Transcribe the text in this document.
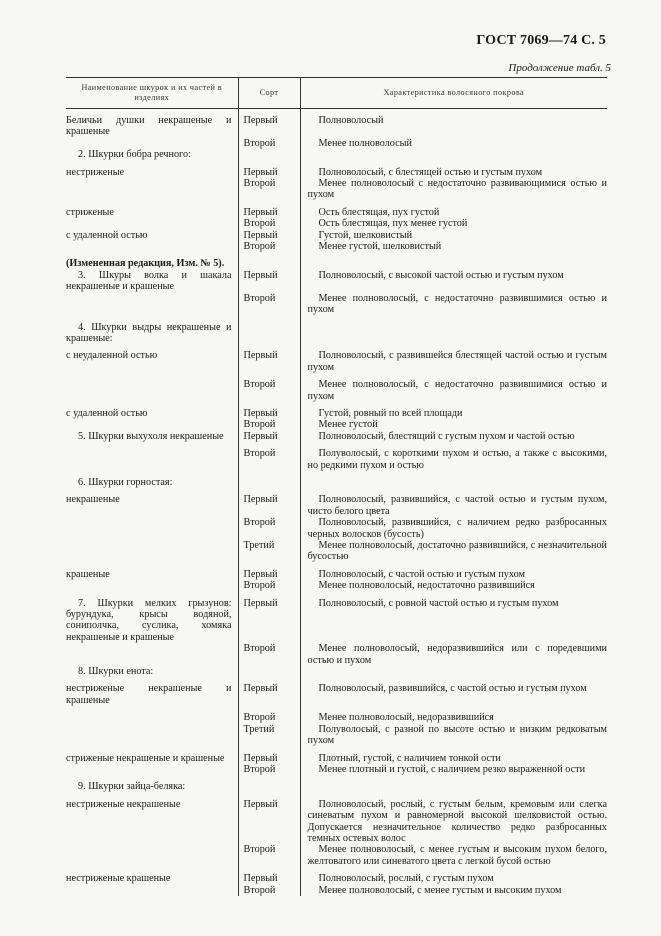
ГОСТ 7069—74 С. 5
Продолжение табл. 5
Наименование шкурок и их частей в изделиях	Сорт	Характеристика волосяного покрова
Беличьи душки некрашеные и крашеные	Первый	Полноволосый
	Второй	Менее полноволосый
2. Шкурки бобра речного:		
нестриженые	Первый	Полноволосый, с блестящей остью и густым пухом
	Второй	Менее полноволосый с недостаточно развивающимися остью и пухом
стриженые	Первый	Ость блестящая, пух густой
	Второй	Ость блестящая, пух менее густой
с удаленной остью	Первый	Густой, шелковистый
	Второй	Менее густой, шелковистый
(Измененная редакция, Изм. № 5).		
3. Шкуры волка и шакала некрашеные и крашеные	Первый	Полноволосый, с высокой частой остью и густым пухом
	Второй	Менее полноволосый, с недостаточно развившимися остью и пухом
4. Шкурки выдры некрашеные и крашеные:		
с неудаленной остью	Первый	Полноволосый, с развившейся блестящей частой остью и густым пухом
	Второй	Менее полноволосый, с недостаточно развившимися остью и пухом
с удаленной остью	Первый	Густой, ровный по всей площади
	Второй	Менее густой
5. Шкурки выхухоля некрашеные	Первый	Полноволосый, блестящий с густым пухом и частой остью
	Второй	Полуволосый, с короткими пухом и остью, а также с высокими, но редкими пухом и остью
6. Шкурки горностая:		
некрашеные	Первый	Полноволосый, развившийся, с частой остью и густым пухом, чисто белого цвета
	Второй	Полноволосый, развившийся, с наличием редко разбросанных черных волосков (бусость)
	Третий	Менее полноволосый, достаточно развившийся, с незначительной бусостью
крашеные	Первый	Полноволосый, с частой остью и густым пухом
	Второй	Менее полноволосый, недостаточно развившийся
7. Шкурки мелких грызунов: бурундука, крысы водяной, сониполчка, суслика, хомяка некрашеные и крашеные	Первый	Полноволосый, с ровной частой остью и густым пухом
	Второй	Менее полноволосый, недоразвившийся или с поредевшими остью и пухом
8. Шкурки енота:		
нестриженые некрашеные и крашеные	Первый	Полноволосый, развившийся, с частой остью и густым пухом
	Второй	Менее полноволосый, недоразвившийся
	Третий	Полуволосый, с разной по высоте остью и низким редковатым пухом
стриженые некрашеные и крашеные	Первый	Плотный, густой, с наличием тонкой ости
	Второй	Менее плотный и густой, с наличием резко выраженной ости
9. Шкурки зайца-беляка:		
нестриженые некрашеные	Первый	Полноволосый, рослый, с густым белым, кремовым или слегка синеватым пухом и равномерной высокой шелковистой остью. Допускается незначительное количество редко разбросанных темных остевых волос
	Второй	Менее полноволосый, с менее густым и высоким пухом белого, желтоватого или синеватого цвета с легкой бусой остью
нестриженые крашеные	Первый	Полноволосый, рослый, с густым пухом
	Второй	Менее полноволосый, с менее густым и высоким пухом
